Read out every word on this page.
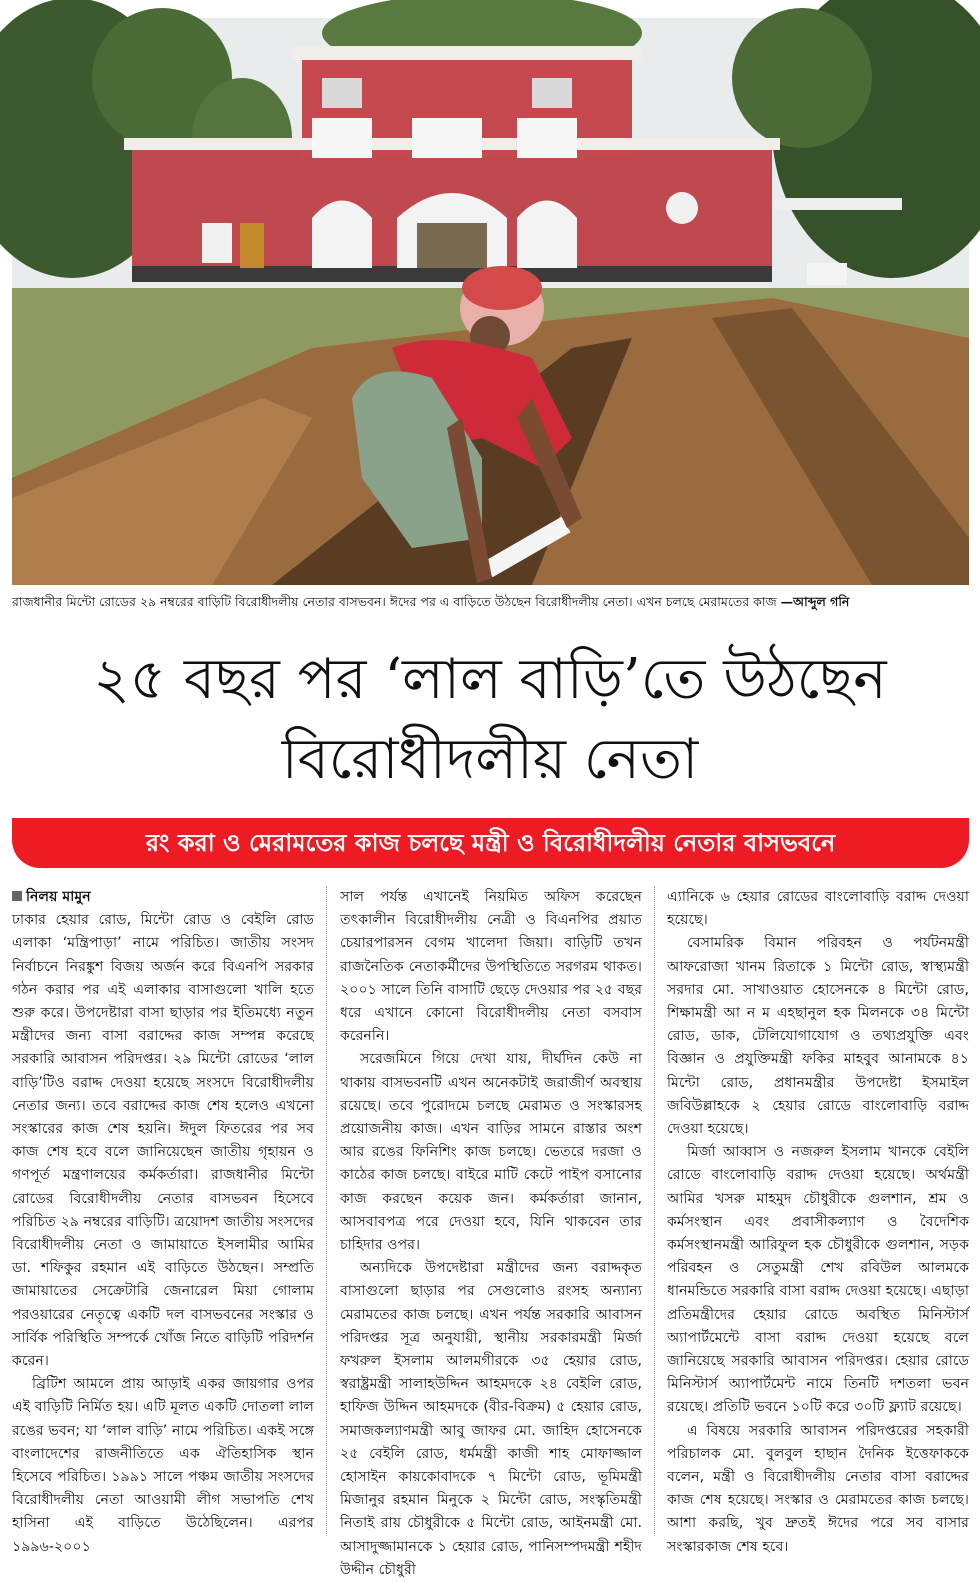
রাজধানীর মিন্টো রোডের ২৯ নম্বরের বাড়িটি বিরোধীদলীয় নেতার বাসভবন। ঈদের পর এ বাড়িতে উঠছেন বিরোধীদলীয় নেতা। এখন চলছে মেরামতের কাজ —আব্দুল গনি
২৫ বছর পর ‘লাল বাড়ি’তে উঠছেন
বিরোধীদলীয় নেতা
রং করা ও মেরামতের কাজ চলছে মন্ত্রী ও বিরোধীদলীয় নেতার বাসভবনে

নিলয় মামুন

ঢাকার হেয়ার রোড, মিন্টো রোড ও বেইলি রোড এলাকা ‘মন্ত্রিপাড়া’ নামে পরিচিত। জাতীয় সংসদ নির্বাচনে নিরঙ্কুশ বিজয় অর্জন করে বিএনপি সরকার গঠন করার পর এই এলাকার বাসাগুলো খালি হতে শুরু করে। উপদেষ্টারা বাসা ছাড়ার পর ইতিমধ্যে নতুন মন্ত্রীদের জন্য বাসা বরাদ্দের কাজ সম্পন্ন করেছে সরকারি আবাসন পরিদপ্তর। ২৯ মিন্টো রোডের ‘লাল বাড়ি’টিও বরাদ্দ দেওয়া হয়েছে সংসদে বিরোধীদলীয় নেতার জন্য। তবে বরাদ্দের কাজ শেষ হলেও এখনো সংস্কারের কাজ শেষ হয়নি। ঈদুল ফিতরের পর সব কাজ শেষ হবে বলে জানিয়েছেন জাতীয় গৃহায়ন ও গণপূর্ত মন্ত্রণালয়ের কর্মকর্তারা। রাজধানীর মিন্টো রোডের বিরোধীদলীয় নেতার বাসভবন হিসেবে পরিচিত ২৯ নম্বরের বাড়িটি। ত্রয়োদশ জাতীয় সংসদের বিরোধীদলীয় নেতা ও জামায়াতে ইসলামীর আমির ডা. শফিকুর রহমান এই বাড়িতে উঠছেন। সম্প্রতি জামায়াতের সেক্রেটারি জেনারেল মিয়া গোলাম পরওয়ারের নেতৃত্বে একটি দল বাসভবনের সংস্কার ও সার্বিক পরিস্থিতি সম্পর্কে খোঁজ নিতে বাড়িটি পরিদর্শন করেন।

ব্রিটিশ আমলে প্রায় আড়াই একর জায়গার ওপর এই বাড়িটি নির্মিত হয়। এটি মূলত একটি দোতলা লাল রঙের ভবন; যা ‘লাল বাড়ি’ নামে পরিচিত। একই সঙ্গে বাংলাদেশের রাজনীতিতে এক ঐতিহাসিক স্থান হিসেবে পরিচিত। ১৯৯১ সালে পঞ্চম জাতীয় সংসদের বিরোধীদলীয় নেতা আওয়ামী লীগ সভাপতি শেখ হাসিনা এই বাড়িতে উঠেছিলেন। এরপর ১৯৯৬-২০০১

সাল পর্যন্ত এখানেই নিয়মিত অফিস করেছেন তৎকালীন বিরোধীদলীয় নেত্রী ও বিএনপির প্রয়াত চেয়ারপারসন বেগম খালেদা জিয়া। বাড়িটি তখন রাজনৈতিক নেতাকর্মীদের উপস্থিতিতে সরগরম থাকত। ২০০১ সালে তিনি বাসাটি ছেড়ে দেওয়ার পর ২৫ বছর ধরে এখানে কোনো বিরোধীদলীয় নেতা বসবাস করেননি।

সরেজমিনে গিয়ে দেখা যায়, দীর্ঘদিন কেউ না থাকায় বাসভবনটি এখন অনেকটাই জরাজীর্ণ অবস্থায় রয়েছে। তবে পুরোদমে চলছে মেরামত ও সংস্কারসহ প্রয়োজনীয় কাজ। এখন বাড়ির সামনে রাস্তার অংশ আর রঙের ফিনিশিং কাজ চলছে। ভেতরে দরজা ও কাঠের কাজ চলছে। বাইরে মাটি কেটে পাইপ বসানোর কাজ করছেন কয়েক জন। কর্মকর্তারা জানান, আসবাবপত্র পরে দেওয়া হবে, যিনি থাকবেন তার চাহিদার ওপর।

অন্যদিকে উপদেষ্টারা মন্ত্রীদের জন্য বরাদ্দকৃত বাসাগুলো ছাড়ার পর সেগুলোও রংসহ অন্যান্য মেরামতের কাজ চলছে। এখন পর্যন্ত সরকারি আবাসন পরিদপ্তর সূত্র অনুযায়ী, স্থানীয় সরকারমন্ত্রী মির্জা ফখরুল ইসলাম আলমগীরকে ৩৫ হেয়ার রোড, স্বরাষ্ট্রমন্ত্রী সালাহউদ্দিন আহমদকে ২৪ বেইলি রোড, হাফিজ উদ্দিন আহমদকে (বীর-বিক্রম) ৫ হেয়ার রোড, সমাজকল্যাণমন্ত্রী আবু জাফর মো. জাহিদ হোসেনকে ২৫ বেইলি রোড, ধর্মমন্ত্রী কাজী শাহ মোফাজ্জাল হোসাইন কায়কোবাদকে ৭ মিন্টো রোড, ভূমিমন্ত্রী মিজানুর রহমান মিনুকে ২ মিন্টো রোড, সংস্কৃতিমন্ত্রী নিতাই রায় চৌধুরীকে ৫ মিন্টো রোড, আইনমন্ত্রী মো. আসাদুজ্জামানকে ১ হেয়ার রোড, পানিসম্পদমন্ত্রী শহীদ উদ্দীন চৌধুরী

এ্যানিকে ৬ হেয়ার রোডের বাংলোবাড়ি বরাদ্দ দেওয়া হয়েছে।

বেসামরিক বিমান পরিবহন ও পর্যটনমন্ত্রী আফরোজা খানম রিতাকে ১ মিন্টো রোড, স্বাস্থ্যমন্ত্রী সরদার মো. সাখাওয়াত হোসেনকে ৪ মিন্টো রোড, শিক্ষামন্ত্রী আ ন ম এহছানুল হক মিলনকে ৩৪ মিন্টো রোড, ডাক, টেলিযোগাযোগ ও তথ্যপ্রযুক্তি এবং বিজ্ঞান ও প্রযুক্তিমন্ত্রী ফকির মাহবুব আনামকে ৪১ মিন্টো রোড, প্রধানমন্ত্রীর উপদেষ্টা ইসমাইল জবিউল্লাহকে ২ হেয়ার রোডে বাংলোবাড়ি বরাদ্দ দেওয়া হয়েছে।

মির্জা আব্বাস ও নজরুল ইসলাম খানকে বেইলি রোডে বাংলোবাড়ি বরাদ্দ দেওয়া হয়েছে। অর্থমন্ত্রী আমির খসরু মাহমুদ চৌধুরীকে গুলশান, শ্রম ও কর্মসংস্থান এবং প্রবাসীকল্যাণ ও বৈদেশিক কর্মসংস্থানমন্ত্রী আরিফুল হক চৌধুরীকে গুলশান, সড়ক পরিবহন ও সেতুমন্ত্রী শেখ রবিউল আলমকে ধানমন্ডিতে সরকারি বাসা বরাদ্দ দেওয়া হয়েছে। এছাড়া প্রতিমন্ত্রীদের হেয়ার রোডে অবস্থিত মিনিস্টার্স অ্যাপার্টমেন্টে বাসা বরাদ্দ দেওয়া হয়েছে বলে জানিয়েছে সরকারি আবাসন পরিদপ্তর। হেয়ার রোডে মিনিস্টার্স অ্যাপার্টমেন্ট নামে তিনটি দশতলা ভবন রয়েছে। প্রতিটি ভবনে ১০টি করে ৩০টি ফ্ল্যাট রয়েছে।

এ বিষয়ে সরকারি আবাসন পরিদপ্তরের সহকারী পরিচালক মো. বুলবুল হাছান দৈনিক ইত্তেফাককে বলেন, মন্ত্রী ও বিরোধীদলীয় নেতার বাসা বরাদ্দের কাজ শেষ হয়েছে। সংস্কার ও মেরামতের কাজ চলছে। আশা করছি, খুব দ্রুতই ঈদের পরে সব বাসার সংস্কারকাজ শেষ হবে।
